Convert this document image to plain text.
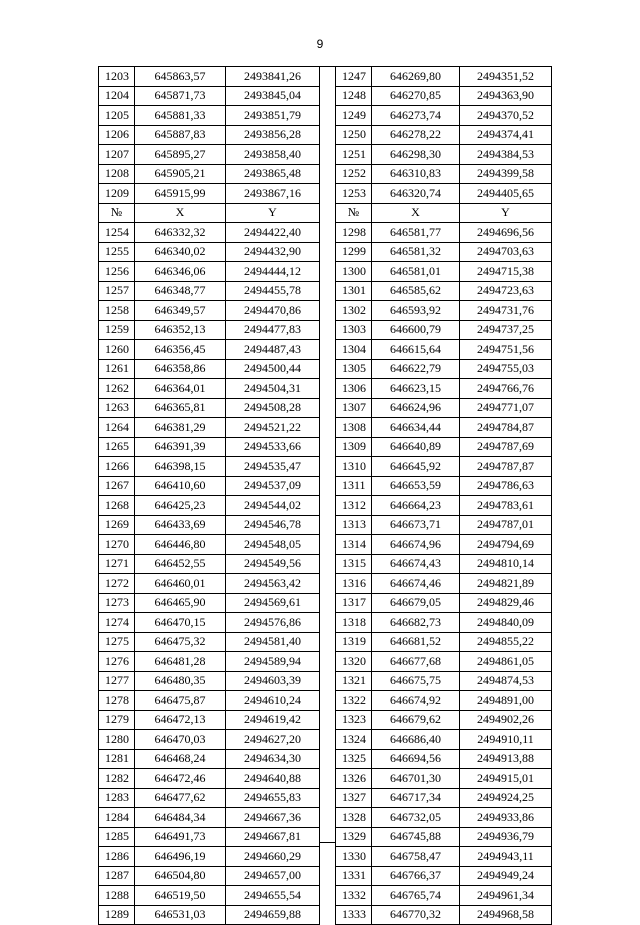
9
1203	645863,57	2493841,26
1204	645871,73	2493845,04
1205	645881,33	2493851,79
1206	645887,83	2493856,28
1207	645895,27	2493858,40
1208	645905,21	2493865,48
1209	645915,99	2493867,16
№	X	Y
1254	646332,32	2494422,40
1255	646340,02	2494432,90
1256	646346,06	2494444,12
1257	646348,77	2494455,78
1258	646349,57	2494470,86
1259	646352,13	2494477,83
1260	646356,45	2494487,43
1261	646358,86	2494500,44
1262	646364,01	2494504,31
1263	646365,81	2494508,28
1264	646381,29	2494521,22
1265	646391,39	2494533,66
1266	646398,15	2494535,47
1267	646410,60	2494537,09
1268	646425,23	2494544,02
1269	646433,69	2494546,78
1270	646446,80	2494548,05
1271	646452,55	2494549,56
1272	646460,01	2494563,42
1273	646465,90	2494569,61
1274	646470,15	2494576,86
1275	646475,32	2494581,40
1276	646481,28	2494589,94
1277	646480,35	2494603,39
1278	646475,87	2494610,24
1279	646472,13	2494619,42
1280	646470,03	2494627,20
1281	646468,24	2494634,30
1282	646472,46	2494640,88
1283	646477,62	2494655,83
1284	646484,34	2494667,36
1285	646491,73	2494667,81
1286	646496,19	2494660,29
1287	646504,80	2494657,00
1288	646519,50	2494655,54
1289	646531,03	2494659,88
1247	646269,80	2494351,52
1248	646270,85	2494363,90
1249	646273,74	2494370,52
1250	646278,22	2494374,41
1251	646298,30	2494384,53
1252	646310,83	2494399,58
1253	646320,74	2494405,65
№	X	Y
1298	646581,77	2494696,56
1299	646581,32	2494703,63
1300	646581,01	2494715,38
1301	646585,62	2494723,63
1302	646593,92	2494731,76
1303	646600,79	2494737,25
1304	646615,64	2494751,56
1305	646622,79	2494755,03
1306	646623,15	2494766,76
1307	646624,96	2494771,07
1308	646634,44	2494784,87
1309	646640,89	2494787,69
1310	646645,92	2494787,87
1311	646653,59	2494786,63
1312	646664,23	2494783,61
1313	646673,71	2494787,01
1314	646674,96	2494794,69
1315	646674,43	2494810,14
1316	646674,46	2494821,89
1317	646679,05	2494829,46
1318	646682,73	2494840,09
1319	646681,52	2494855,22
1320	646677,68	2494861,05
1321	646675,75	2494874,53
1322	646674,92	2494891,00
1323	646679,62	2494902,26
1324	646686,40	2494910,11
1325	646694,56	2494913,88
1326	646701,30	2494915,01
1327	646717,34	2494924,25
1328	646732,05	2494933,86
1329	646745,88	2494936,79
1330	646758,47	2494943,11
1331	646766,37	2494949,24
1332	646765,74	2494961,34
1333	646770,32	2494968,58
